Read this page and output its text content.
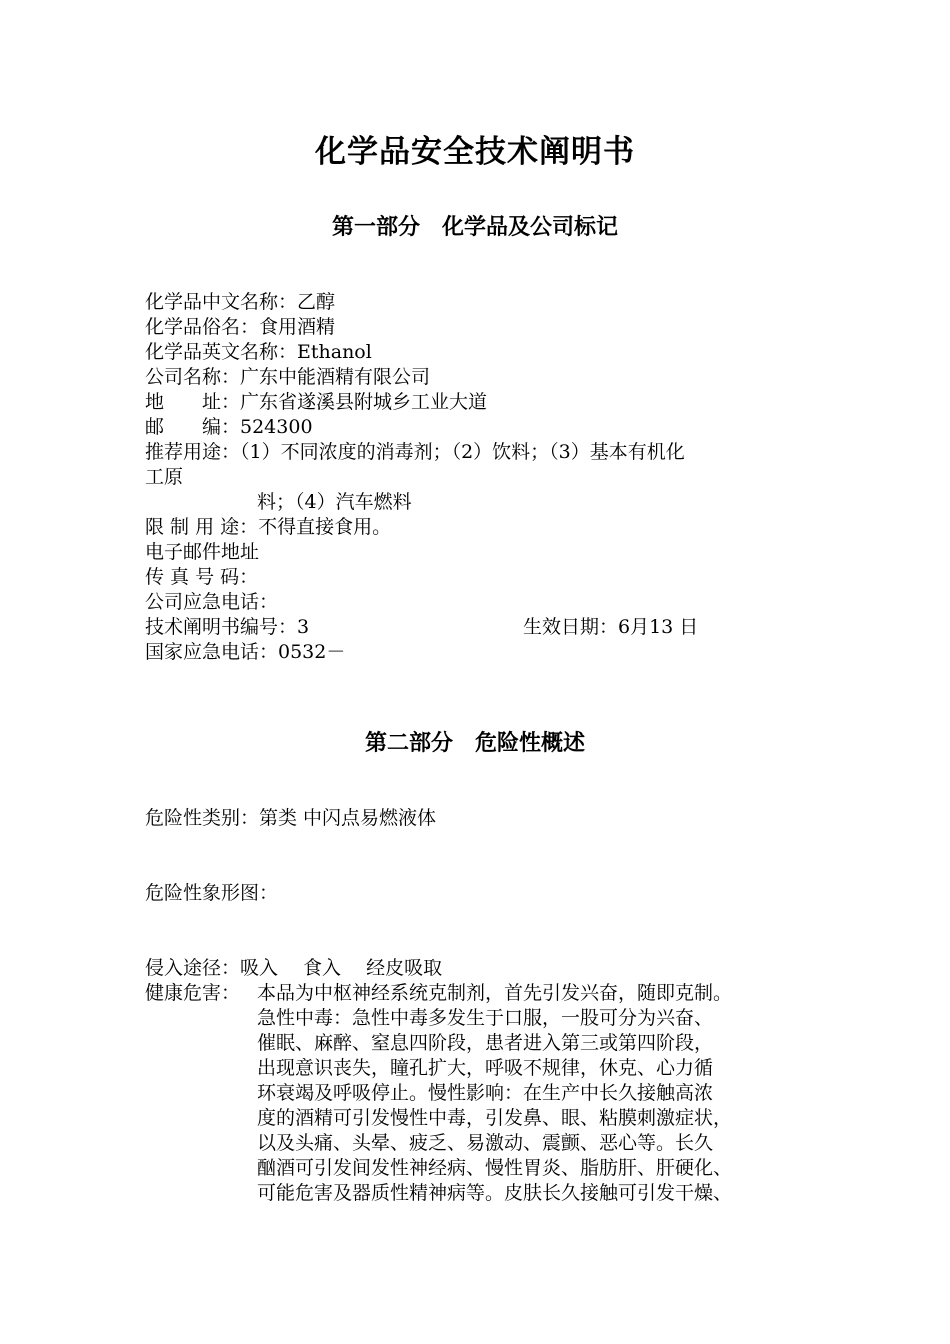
化学品安全技术阐明书
第一部分　化学品及公司标记
化学品中文名称：乙醇
化学品俗名：食用酒精
化学品英文名称：Ethanol
公司名称：广东中能酒精有限公司
地　　址：广东省遂溪县附城乡工业大道
邮　　编：524300
推荐用途：（1）不同浓度的消毒剂；（2）饮料；（3）基本有机化
工原
料；（4）汽车燃料
限 制 用 途：不得直接食用。
电子邮件地址
传 真 号 码：
公司应急电话：
技术阐明书编号：3	生效日期：6月13 日
国家应急电话：0532－
第二部分　危险性概述
危险性类别：第类 中闪点易燃液体
危险性象形图：
侵入途径：吸入　 食入　 经皮吸取
健康危害： 本品为中枢神经系统克制剂，首先引发兴奋，随即克制。
急性中毒：急性中毒多发生于口服，一股可分为兴奋、
催眠、麻醉、窒息四阶段，患者进入第三或第四阶段，
出现意识丧失，瞳孔扩大，呼吸不规律，休克、心力循
环衰竭及呼吸停止。慢性影响：在生产中长久接触高浓
度的酒精可引发慢性中毒，引发鼻、眼、粘膜刺激症状，
以及头痛、头晕、疲乏、易激动、震颤、恶心等。长久
酗酒可引发间发性神经病、慢性胃炎、脂肪肝、肝硬化、
可能危害及器质性精神病等。皮肤长久接触可引发干燥、
